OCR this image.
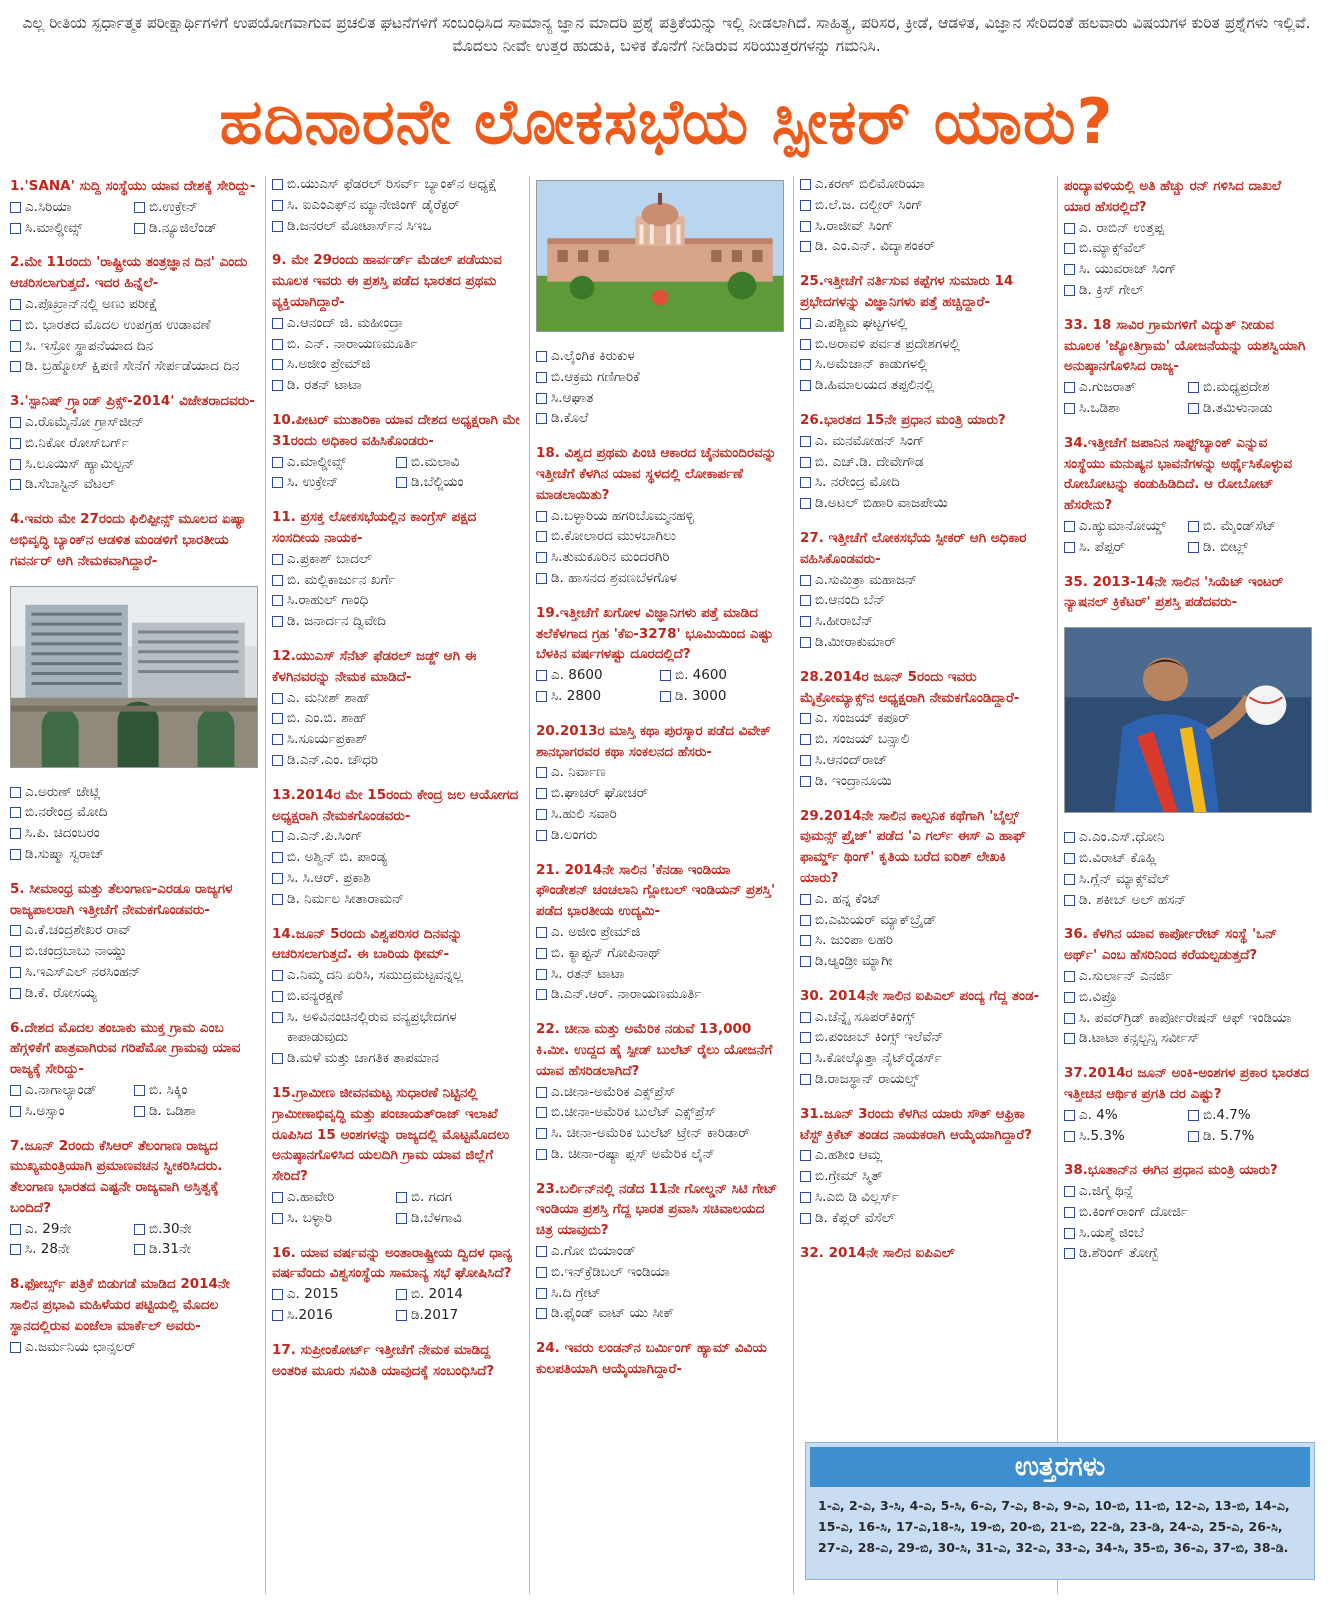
ಎಲ್ಲ ರೀತಿಯ ಸ್ಪರ್ಧಾತ್ಮಕ ಪರೀಕ್ಷಾರ್ಥಿಗಳಿಗೆ ಉಪಯೋಗವಾಗುವ ಪ್ರಚಲಿತ ಘಟನೆಗಳಿಗೆ ಸಂಬಂಧಿಸಿದ ಸಾಮಾನ್ಯ ಜ್ಞಾನ ಮಾದರಿ ಪ್ರಶ್ನೆ ಪತ್ರಿಕೆಯನ್ನು ಇಲ್ಲಿ ನೀಡಲಾಗಿದೆ. ಸಾಹಿತ್ಯ, ಪರಿಸರ, ಕ್ರೀಡೆ, ಆಡಳಿತ, ವಿಜ್ಞಾನ ಸೇರಿದಂತೆ ಹಲವಾರು ವಿಷಯಗಳ ಕುರಿತ ಪ್ರಶ್ನೆಗಳು ಇಲ್ಲಿವೆ. ಮೊದಲು ನೀವೇ ಉತ್ತರ ಹುಡುಕಿ, ಬಳಿಕ ಕೊನೆಗೆ ನೀಡಿರುವ ಸರಿಯುತ್ತರಗಳನ್ನು ಗಮನಿಸಿ.
ಹದಿನಾರನೇ ಲೋಕಸಭೆಯ ಸ್ಪೀಕರ್ ಯಾರು?
1.'SANA' ಸುದ್ದಿ ಸಂಸ್ಥೆಯು ಯಾವ ದೇಶಕ್ಕೆ ಸೇರಿದ್ದು-
ಎ.ಸಿರಿಯಾ	ಬಿ.ಉಕ್ರೇನ್
ಸಿ.ಮಾಲ್ಡೀವ್ಸ್	ಡಿ.ನ್ಯೂಜಿಲೆಂಡ್
2.ಮೇ 11ರಂದು 'ರಾಷ್ಟ್ರೀಯ ತಂತ್ರಜ್ಞಾನ ದಿನ' ಎಂದು ಆಚರಿಸಲಾಗುತ್ತದೆ. ಇದರ ಹಿನ್ನೆಲೆ-
ಎ.ಪೊಖ್ರಾನ್‌ನಲ್ಲಿ ಅಣು ಪರೀಕ್ಷೆ
ಬಿ. ಭಾರತದ ಮೊದಲ ಉಪಗ್ರಹ ಉಡಾವಣೆ
ಸಿ. ಇಸ್ರೋ ಸ್ಥಾಪನೆಯಾದ ದಿನ
ಡಿ. ಬ್ರಹ್ಮೋಸ್ ಕ್ಷಿಪಣಿ ಸೇನೆಗೆ ಸೇರ್ಪಡೆಯಾದ ದಿನ
3.'ಸ್ಪಾನಿಷ್ ಗ್ರ್ಯಾಂಡ್ ಪ್ರಿಕ್ಸ್-2014' ವಿಜೇತರಾದವರು-
ಎ.ರೊಮೈನೋ ಗ್ರಾಸ್‌ಜೀನ್
ಬಿ.ನಿಕೋ ರೋಸ್‌ಬರ್ಗ್
ಸಿ.ಲೂಯಿಸ್ ಹ್ಯಾಮಿಲ್ಟನ್
ಡಿ.ಸೆಬಾಸ್ಟಿನ್ ವೆಟಲ್
4.ಇವರು ಮೇ 27ರಂದು ಫಿಲಿಪ್ಪೀನ್ಸ್ ಮೂಲದ ಏಷ್ಯಾ ಅಭಿವೃದ್ಧಿ ಬ್ಯಾಂಕ್‌ನ ಆಡಳಿತ ಮಂಡಳಿಗೆ ಭಾರತೀಯ ಗವರ್ನರ್ ಆಗಿ ನೇಮಕವಾಗಿದ್ದಾರೆ-
ಎ.ಅರುಣ್ ಜೇಟ್ಲಿ
ಬಿ.ನರೇಂದ್ರ ಮೋದಿ
ಸಿ.ಪಿ. ಚಿದಂಬರಂ
ಡಿ.ಸುಷ್ಮಾ ಸ್ವರಾಜ್
5. ಸೀಮಾಂಧ್ರ ಮತ್ತು ತೆಲಂಗಾಣ-ಎರಡೂ ರಾಜ್ಯಗಳ ರಾಜ್ಯಪಾಲರಾಗಿ ಇತ್ತೀಚೆಗೆ ನೇಮಕಗೊಂಡವರು-
ಎ.ಕೆ.ಚಂದ್ರಶೇಖರ ರಾವ್
ಬಿ.ಚಂದ್ರಬಾಬು ನಾಯ್ಡು
ಸಿ.ಇಎಸ್ಎಲ್ ನರಸಿಂಹನ್
ಡಿ.ಕೆ. ರೋಸಯ್ಯ
6.ದೇಶದ ಮೊದಲ ತಂಬಾಕು ಮುಕ್ತ ಗ್ರಾಮ ಎಂಬ ಹೆಗ್ಗಳಿಕೆಗೆ ಪಾತ್ರವಾಗಿರುವ ಗರಿಪೆಮೋ ಗ್ರಾಮವು ಯಾವ ರಾಜ್ಯಕ್ಕೆ ಸೇರಿದ್ದು-
ಎ.ನಾಗಾಲ್ಯಾಂಡ್	ಬಿ. ಸಿಕ್ಕಿಂ
ಸಿ.ಅಸ್ಸಾಂ	ಡಿ. ಒಡಿಶಾ
7.ಜೂನ್ 2ರಂದು ಕೆಸಿಆರ್ ತೆಲಂಗಾಣ ರಾಜ್ಯದ ಮುಖ್ಯಮಂತ್ರಿಯಾಗಿ ಪ್ರಮಾಣವಚನ ಸ್ವೀಕರಿಸಿದರು. ತೆಲಂಗಾಣ ಭಾರತದ ಎಷ್ಟನೇ ರಾಜ್ಯವಾಗಿ ಅಸ್ತಿತ್ವಕ್ಕೆ ಬಂದಿದೆ?
ಎ. 29ನೇ	ಬಿ.30ನೇ
ಸಿ. 28ನೇ	ಡಿ.31ನೇ
8.ಫೋರ್ಬ್ಸ್ ಪತ್ರಿಕೆ ಬಿಡುಗಡೆ ಮಾಡಿದ 2014ನೇ ಸಾಲಿನ ಪ್ರಭಾವಿ ಮಹಿಳೆಯರ ಪಟ್ಟಿಯಲ್ಲಿ ಮೊದಲ ಸ್ಥಾನದಲ್ಲಿರುವ ಏಂಜೆಲಾ ಮಾರ್ಕೆಲ್ ಅವರು-
ಎ.ಜರ್ಮನಿಯ ಛಾನ್ಸಲರ್
ಬಿ.ಯುಎಸ್ ಫೆಡರಲ್ ರಿಸರ್ವ್ ಬ್ಯಾಂಕ್‌ನ ಅಧ್ಯಕ್ಷೆ
ಸಿ. ಐಎಂಎಫ್‌ನ ಮ್ಯಾನೇಜಿಂಗ್ ಡೈರೆಕ್ಟರ್
ಡಿ.ಜನರಲ್ ಮೋಟಾರ್ಸ್‌ನ ಸಿಇಒ
9. ಮೇ 29ರಂದು ಹಾರ್ವರ್ಡ್ ಮೆಡಲ್ ಪಡೆಯುವ ಮೂಲಕ ಇವರು ಈ ಪ್ರಶಸ್ತಿ ಪಡೆದ ಭಾರತದ ಪ್ರಥಮ ವ್ಯಕ್ತಿಯಾಗಿದ್ದಾರೆ-
ಎ.ಆನಂದ್ ಜಿ. ಮಹೀಂದ್ರಾ
ಬಿ. ಎನ್. ನಾರಾಯಣಮೂರ್ತಿ
ಸಿ.ಅಜೀಂ ಪ್ರೇಮ್‌ಜಿ
ಡಿ. ರತನ್ ಟಾಟಾ
10.ಪೀಟರ್ ಮುತಾರಿಕಾ ಯಾವ ದೇಶದ ಅಧ್ಯಕ್ಷರಾಗಿ ಮೇ 31ರಂದು ಅಧಿಕಾರ ವಹಿಸಿಕೊಂಡರು-
ಎ.ಮಾಲ್ಡೀವ್ಸ್	ಬಿ.ಮಲಾವಿ
ಸಿ. ಉಕ್ರೇನ್	ಡಿ.ಬೆಲ್ಜಿಯಂ
11. ಪ್ರಸಕ್ತ ಲೋಕಸಭೆಯಲ್ಲಿನ ಕಾಂಗ್ರೆಸ್ ಪಕ್ಷದ ಸಂಸದೀಯ ನಾಯಕ-
ಎ.ಪ್ರಕಾಶ್ ಬಾದಲ್
ಬಿ. ಮಲ್ಲಿಕಾರ್ಜುನ ಖರ್ಗೆ
ಸಿ.ರಾಹುಲ್ ಗಾಂಧಿ
ಡಿ. ಜನಾರ್ದನ ದ್ವಿವೇದಿ
12.ಯುಎಸ್ ಸೆನೆಟ್ ಫೆಡರಲ್ ಜಡ್ಜ್ ಆಗಿ ಈ ಕೆಳಗಿನವರನ್ನು ನೇಮಕ ಮಾಡಿದೆ-
ಎ. ಮನೀಶ್ ಶಾಹ್
ಬಿ. ಎಂ.ಬಿ. ಶಾಹ್
ಸಿ.ಸೂರ್ಯಪ್ರಕಾಶ್
ಡಿ.ಎನ್.ಎಂ. ಚೌಧರಿ
13.2014ರ ಮೇ 15ರಂದು ಕೇಂದ್ರ ಜಲ ಆಯೋಗದ ಅಧ್ಯಕ್ಷರಾಗಿ ನೇಮಕಗೊಂಡವರು-
ಎ.ಎನ್.ಪಿ.ಸಿಂಗ್
ಬಿ. ಅಶ್ವಿನ್ ಬಿ. ಪಾಂಡ್ಯ
ಸಿ. ಸಿ.ಆರ್. ಪ್ರಕಾಶಿ
ಡಿ. ನಿರ್ಮಲ ಸೀತಾರಾಮನ್
14.ಜೂನ್ 5ರಂದು ವಿಶ್ವಪರಿಸರ ದಿನವನ್ನು ಆಚರಿಸಲಾಗುತ್ತದೆ. ಈ ಬಾರಿಯ ಥೀಮ್-
ಎ.ನಿಮ್ಮ ದನಿ ಏರಿಸಿ, ಸಮುದ್ರಮಟ್ಟವನ್ನಲ್ಲ
ಬಿ.ವನ್ಯರಕ್ಷಣೆ
ಸಿ. ಅಳಿವಿನಂಚಿನಲ್ಲಿರುವ ವನ್ಯಪ್ರಭೇದಗಳ ಕಾಪಾಡುವುದು
ಡಿ.ಮಳೆ ಮತ್ತು ಜಾಗತಿಕ ತಾಪಮಾನ
15.ಗ್ರಾಮೀಣ ಜೀವನಮಟ್ಟ ಸುಧಾರಣೆ ನಿಟ್ಟಿನಲ್ಲಿ ಗ್ರಾಮೀಣಾಭಿವೃದ್ಧಿ ಮತ್ತು ಪಂಚಾಯತ್‌ರಾಜ್ ಇಲಾಖೆ ರೂಪಿಸಿದ 15 ಅಂಶಗಳನ್ನು ರಾಜ್ಯದಲ್ಲಿ ಮೊಟ್ಟಮೊದಲು ಅನುಷ್ಠಾನಗೊಳಿಸಿದ ಯಲದಿಗಿ ಗ್ರಾಮ ಯಾವ ಜಿಲ್ಲೆಗೆ ಸೇರಿದೆ?
ಎ.ಹಾವೇರಿ	ಬಿ. ಗದಗ
ಸಿ. ಬಳ್ಳಾರಿ	ಡಿ.ಬೆಳಗಾವಿ
16. ಯಾವ ವರ್ಷವನ್ನು ಅಂತಾರಾಷ್ಟ್ರೀಯ ದ್ವಿದಳ ಧಾನ್ಯ ವರ್ಷವೆಂದು ವಿಶ್ವಸಂಸ್ಥೆಯ ಸಾಮಾನ್ಯ ಸಭೆ ಘೋಷಿಸಿದೆ?
ಎ. 2015	ಬಿ. 2014
ಸಿ.2016	ಡಿ.2017
17. ಸುಪ್ರೀಂಕೋರ್ಟ್ ಇತ್ತೀಚೆಗೆ ನೇಮಕ ಮಾಡಿದ್ದ ಅಂತರಿಕ ಮೂರು ಸಮಿತಿ ಯಾವುದಕ್ಕೆ ಸಂಬಂಧಿಸಿದೆ?
ಎ.ಲೈಂಗಿಕ ಕಿರುಕುಳ
ಬಿ.ಆಕ್ರಮ ಗಣಿಗಾರಿಕೆ
ಸಿ.ಆಘಾತ
ಡಿ.ಕೊಲೆ
18. ವಿಶ್ವದ ಪ್ರಥಮ ಪಿಂಚಿ ಆಕಾರದ ಚೈನಮಂದಿರವನ್ನು ಇತ್ತೀಚೆಗೆ ಕೆಳಗಿನ ಯಾವ ಸ್ಥಳದಲ್ಲಿ ಲೋಕಾರ್ಪಣೆ ಮಾಡಲಾಯಿತು?
ಎ.ಬಳ್ಳಾರಿಯ ಹಗರಿಬೊಮ್ಮನಹಳ್ಳಿ
ಬಿ.ಕೋಲಾರದ ಮುಳಬಾಗಿಲು
ಸಿ.ತುಮಕೂರಿನ ಮಂದರಗಿರಿ
ಡಿ. ಹಾಸನದ ಶ್ರವಣಬೆಳಗೊಳ
19.ಇತ್ತೀಚೆಗೆ ಖಗೋಳ ವಿಜ್ಞಾನಿಗಳು ಪತ್ತೆ ಮಾಡಿದ ತಲೆಕೆಳಗಾದ ಗ್ರಹ 'ಕೆಐ-3278' ಭೂಮಿಯಿಂದ ಎಷ್ಟು ಬೆಳಕಿನ ವರ್ಷಗಳಷ್ಟು ದೂರದಲ್ಲಿದೆ?
ಎ. 8600	ಬಿ. 4600
ಸಿ. 2800	ಡಿ. 3000
20.2013ರ ಮಾಸ್ತಿ ಕಥಾ ಪುರಸ್ಕಾರ ಪಡೆದ ವಿವೇಕ್ ಶಾನಭಾಗರವರ ಕಥಾ ಸಂಕಲನದ ಹೆಸರು-
ಎ. ನಿರ್ವಾಣ
ಬಿ.ಘಾಚರ್ ಘೋಚರ್
ಸಿ.ಹುಲಿ ಸವಾರಿ
ಡಿ.ಲಂಗರು
21. 2014ನೇ ಸಾಲಿನ 'ಕೆನಡಾ ಇಂಡಿಯಾ ಫೌಂಡೇಶನ್ ಚಂಚಲಾನಿ ಗ್ಲೋಬಲ್ ಇಂಡಿಯನ್ ಪ್ರಶಸ್ತಿ' ಪಡೆದ ಭಾರತೀಯ ಉದ್ಯಮಿ-
ಎ. ಅಜೀಂ ಪ್ರೇಮ್‌ಜಿ
ಬಿ. ಕ್ಯಾಪ್ಟನ್ ಗೋಪಿನಾಥ್
ಸಿ. ರತನ್ ಟಾಟಾ
ಡಿ.ಎನ್.ಆರ್. ನಾರಾಯಣಮೂರ್ತಿ
22. ಚೀನಾ ಮತ್ತು ಅಮೆರಿಕ ನಡುವೆ 13,000 ಕಿ.ಮೀ. ಉದ್ದದ ಹೈ ಸ್ಪೀಡ್ ಬುಲೆಟ್ ರೈಲು ಯೋಜನೆಗೆ ಯಾವ ಹೆಸರಿಡಲಾಗಿದೆ?
ಎ.ಚೀನಾ-ಅಮೆರಿಕ ಎಕ್ಸ್‌ಪ್ರೆಸ್
ಬಿ.ಚೀನಾ-ಅಮೆರಿಕ ಬುಲೆಟ್ ಎಕ್ಸ್‌ಪ್ರೆಸ್
ಸಿ. ಚೀನಾ-ಅಮೆರಿಕ ಬುಲೆಟ್ ಟ್ರೇನ್ ಕಾರಿಡಾರ್
ಡಿ. ಚೀನಾ-ರಷ್ಯಾ ಪ್ಲಸ್ ಅಮೆರಿಕ ಲೈನ್
23.ಬರ್ಲಿನ್‌ನಲ್ಲಿ ನಡೆದ 11ನೇ ಗೋಲ್ಡನ್ ಸಿಟಿ ಗೇಟ್ ಇಂಡಿಯಾ ಪ್ರಶಸ್ತಿ ಗೆದ್ದ ಭಾರತ ಪ್ರವಾಸಿ ಸಚಿವಾಲಯದ ಚಿತ್ರ ಯಾವುದು?
ಎ.ಗೋ ಬಿಯಾಂಡ್
ಬಿ.ಇನ್‌ಕ್ರೆಡಿಬಲ್ ಇಂಡಿಯಾ
ಸಿ.ದಿ ಗ್ರೇಟ್
ಡಿ.ಫೈಂಡ್ ವಾಟ್ ಯು ಸೀಕ್
24. ಇವರು ಲಂಡನ್‌ನ ಬರ್ಮಿಂಗ್ ಹ್ಯಾಮ್ ವಿವಿಯ ಕುಲಪತಿಯಾಗಿ ಆಯ್ಕೆಯಾಗಿದ್ದಾರೆ-
ಎ.ಕರಣ್ ಬಿಲಿಮೋರಿಯಾ
ಬಿ.ಲೆ.ಜ. ದಲ್ಬೀರ್ ಸಿಂಗ್
ಸಿ.ರಾಜೀವ್ ಸಿಂಗ್
ಡಿ. ಎಂ.ಎನ್. ವಿದ್ಯಾಶಂಕರ್
25.ಇತ್ತೀಚೆಗೆ ನರ್ತಿಸುವ ಕಪ್ಪೆಗಳ ಸುಮಾರು 14 ಪ್ರಭೇದಗಳನ್ನು ವಿಜ್ಞಾನಿಗಳು ಪತ್ತೆ ಹಚ್ಚಿದ್ದಾರೆ-
ಎ.ಪಶ್ಚಿಮ ಘಟ್ಟಗಳಲ್ಲಿ
ಬಿ.ಅರಾವಳಿ ಪರ್ವತ ಪ್ರದೇಶಗಳಲ್ಲಿ
ಸಿ.ಅಮೆಜಾನ್ ಕಾಡುಗಳಲ್ಲಿ
ಡಿ.ಹಿಮಾಲಯದ ತಪ್ಪಲಿನಲ್ಲಿ
26.ಭಾರತದ 15ನೇ ಪ್ರಧಾನ ಮಂತ್ರಿ ಯಾರು?
ಎ. ಮನಮೋಹನ್ ಸಿಂಗ್
ಬಿ. ಎಚ್.ಡಿ. ದೇವೇಗೌಡ
ಸಿ. ನರೇಂದ್ರ ಮೋದಿ
ಡಿ.ಅಟಲ್ ಬಿಹಾರಿ ವಾಜಪೇಯಿ
27. ಇತ್ತೀಚೆಗೆ ಲೋಕಸಭೆಯ ಸ್ಪೀಕರ್ ಆಗಿ ಅಧಿಕಾರ ವಹಿಸಿಕೊಂಡವರು-
ಎ.ಸುಮಿತ್ರಾ ಮಹಾಜನ್
ಬಿ.ಆನಂದಿ ಬೆನ್
ಸಿ.ಹೀರಾಬೆನ್
ಡಿ.ಮೀರಾಕುಮಾರ್
28.2014ರ ಜೂನ್ 5ರಂದು ಇವರು ಮೈಕ್ರೋಮ್ಯಾಕ್ಸ್‌ನ ಅಧ್ಯಕ್ಷರಾಗಿ ನೇಮಕಗೊಂಡಿದ್ದಾರೆ-
ಎ. ಸಂಜಯ್ ಕಪೂರ್
ಬಿ. ಸಂಜಯ್ ಬನ್ಸಾಲಿ
ಸಿ.ಆನಂದ್‌ರಾಜ್
ಡಿ. ಇಂದ್ರಾನೂಯಿ
29.2014ನೇ ಸಾಲಿನ ಕಾಲ್ಪನಿಕ ಕಥೆಗಾಗಿ 'ಬೈಲ್ಸ್ ವುಮನ್ಸ್ ಪ್ರೈಜ್' ಪಡೆದ 'ಎ ಗರ್ಲ್ ಈಸ್ ಎ ಹಾಫ್ ಫಾರ್ಮ್ಡ್ ಥಿಂಗ್' ಕೃತಿಯ ಬರೆದ ಐರಿಶ್ ಲೇಖಕಿ ಯಾರು?
ಎ. ಹನ್ನ ಕೆಂಟ್
ಬಿ.ಎಮಿಯರ್ ಮ್ಯಾಕ್‌ಬ್ರೈಡ್
ಸಿ. ಜುಂಪಾ ಲಹರಿ
ಡಿ.ಆ್ಯಂಡ್ರೀ ಮ್ಯಾಗೀ
30. 2014ನೇ ಸಾಲಿನ ಐಪಿಎಲ್ ಪಂದ್ಯ ಗೆದ್ದ ತಂಡ-
ಎ.ಚೆನ್ನೈ ಸೂಪರ್‌ಕಿಂಗ್ಸ್
ಬಿ.ಪಂಜಾಬ್ ಕಿಂಗ್ಸ್ ಇಲೆವೆನ್
ಸಿ.ಕೋಲ್ಕೊತ್ತಾ ನೈಟ್‌ರೈಡರ್ಸ್
ಡಿ.ರಾಜಸ್ಥಾನ್ ರಾಯಲ್ಸ್
31.ಜೂನ್ 3ರಂದು ಕೆಳಗಿನ ಯಾರು ಸೌತ್ ಆಫ್ರಿಕಾ ಟೆಸ್ಟ್ ಕ್ರಿಕೆಟ್ ತಂಡದ ನಾಯಕರಾಗಿ ಆಯ್ಕೆಯಾಗಿದ್ದಾರೆ?
ಎ.ಹಶೀಂ ಆಮ್ಲ
ಬಿ.ಗ್ರೇಮ್ ಸ್ಮಿತ್
ಸಿ.ಎಬಿ ಡಿ ವಿಲ್ಲರ್ಸ್
ಡಿ. ಕೆಪ್ಲರ್ ವೆಸೆಲ್
32. 2014ನೇ ಸಾಲಿನ ಐಪಿಎಲ್
ಪಂದ್ಯಾವಳಿಯಲ್ಲಿ ಅತಿ ಹೆಚ್ಚು ರನ್ ಗಳಿಸಿದ ದಾಖಲೆ ಯಾರ ಹೆಸರಲ್ಲಿದೆ?
ಎ. ರಾಬಿನ್ ಉತ್ತಪ್ಪ
ಬಿ.ಮ್ಯಾಕ್ಸ್‌ವೆಲ್
ಸಿ. ಯುವರಾಜ್ ಸಿಂಗ್
ಡಿ. ಕ್ರಿಸ್ ಗೇಲ್
33. 18 ಸಾವಿರ ಗ್ರಾಮಗಳಿಗೆ ವಿದ್ಯುತ್ ನೀಡುವ ಮೂಲಕ 'ಜ್ಯೋತಿಗ್ರಾಮ' ಯೋಜನೆಯನ್ನು ಯಶಸ್ವಿಯಾಗಿ ಅನುಷ್ಠಾನಗೊಳಿಸಿದ ರಾಜ್ಯ-
ಎ.ಗುಜರಾತ್	ಬಿ.ಮಧ್ಯಪ್ರದೇಶ
ಸಿ.ಒಡಿಶಾ	ಡಿ.ತಮಿಳುನಾಡು
34.ಇತ್ತೀಚೆಗೆ ಜಪಾನಿನ ಸಾಫ್ಟ್‌ಬ್ಯಾಂಕ್ ಎನ್ನುವ ಸಂಸ್ಥೆಯು ಮನುಷ್ಯನ ಭಾವನೆಗಳನ್ನು ಅರ್ಥೈಸಿಕೊಳ್ಳುವ ರೋಬೋಟನ್ನು ಕಂಡುಹಿಡಿದಿದೆ. ಆ ರೋಬೋಟ್ ಹೆಸರೇನು?
ಎ.ಹ್ಯುಮಾನೋಯ್ಡ್	ಬಿ. ಮೈಂಡ್‌ಸೆಟ್
ಸಿ. ಪೆಪ್ಪರ್	ಡಿ. ಬೀಟ್ಲ್
35. 2013-14ನೇ ಸಾಲಿನ 'ಸಿಯೆಟ್ ಇಂಟರ್ ನ್ಯಾಷನಲ್ ಕ್ರಿಕೆಟರ್' ಪ್ರಶಸ್ತಿ ಪಡೆದವರು-
ಎ.ಎಂ.ಎಸ್.ಧೋನಿ
ಬಿ.ವಿರಾಟ್ ಕೊಹ್ಲಿ
ಸಿ.ಗ್ಲೆನ್ ಮ್ಯಾಕ್ಸ್‌ವೆಲ್
ಡಿ. ಶಕೀಬ್ ಅಲ್ ಹಸನ್
36. ಕೆಳಗಿನ ಯಾವ ಕಾರ್ಪೋರೇಟ್ ಸಂಸ್ಥೆ 'ಒನ್ ಅರ್ಥ್' ಎಂಬ ಹೆಸರಿನಿಂದ ಕರೆಯಲ್ಪಡುತ್ತದೆ?
ಎ.ಸುರ್ಲಾನ್ ಎನರ್ಜಿ
ಬಿ.ವಿಪ್ರೊ
ಸಿ. ಪವರ್‌ಗ್ರಿಡ್ ಕಾರ್ಪೋರೇಷನ್ ಆಫ್ ಇಂಡಿಯಾ
ಡಿ.ಟಾಟಾ ಕನ್ಸಲ್ಟನ್ಸಿ ಸರ್ವೀಸ್
37.2014ರ ಜೂನ್ ಅಂಕಿ-ಅಂಶಗಳ ಪ್ರಕಾರ ಭಾರತದ ಇತ್ತೀಚಿನ ಆರ್ಥಿಕ ಪ್ರಗತಿ ದರ ಎಷ್ಟು?
ಎ. 4%	ಬಿ.4.7%
ಸಿ.5.3%	ಡಿ. 5.7%
38.ಭೂತಾನ್‌ನ ಈಗಿನ ಪ್ರಧಾನ ಮಂತ್ರಿ ಯಾರು?
ಎ.ಜಿಗ್ಮೆ ಥಿನ್ಲೆ
ಬಿ.ಕಿಂಗ್‌ರಾಂಗ್ ದೋರ್ಜಿ
ಸಿ.ಯಶ್ಮೆ ಜಿಂಬೆ
ಡಿ.ಶೆರಿಂಗ್ ತೋಗ್ಬೆ
ಉತ್ತರಗಳು
1-ಎ, 2-ಎ, 3-ಸಿ, 4-ಎ, 5-ಸಿ, 6-ಎ, 7-ಎ, 8-ಎ, 9-ಎ, 10-ಬಿ, 11-ಬಿ, 12-ಎ, 13-ಬಿ, 14-ಎ, 15-ಎ, 16-ಸಿ, 17-ಎ,18-ಸಿ, 19-ಬಿ, 20-ಬಿ, 21-ಬಿ, 22-ಡಿ, 23-ಡಿ, 24-ಎ, 25-ಎ, 26-ಸಿ, 27-ಎ, 28-ಎ, 29-ಬಿ, 30-ಸಿ, 31-ಎ, 32-ಎ, 33-ಎ, 34-ಸಿ, 35-ಬಿ, 36-ಎ, 37-ಬಿ, 38-ಡಿ.
